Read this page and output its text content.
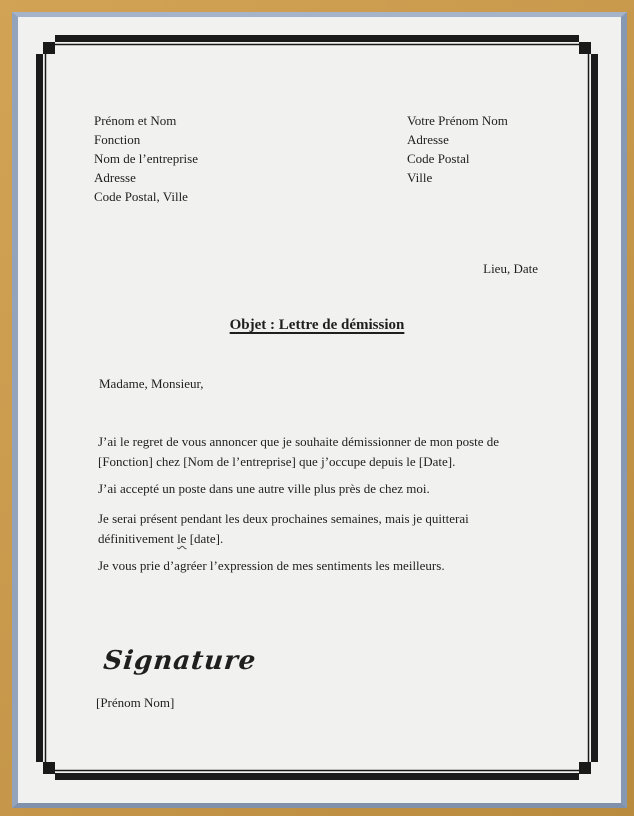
Prénom et Nom
Fonction
Nom de l’entreprise
Adresse
Code Postal, Ville
Votre Prénom Nom
Adresse
Code Postal
Ville
Lieu, Date
Objet : Lettre de démission
Madame, Monsieur,
J’ai le regret de vous annoncer que je souhaite démissionner de mon poste de
[Fonction] chez [Nom de l’entreprise] que j’occupe depuis le [Date].
J’ai accepté un poste dans une autre ville plus près de chez moi.
Je serai présent pendant les deux prochaines semaines, mais je quitterai
définitivement le [date].
Je vous prie d’agréer l’expression de mes sentiments les meilleurs.
Signature
[Prénom Nom]
